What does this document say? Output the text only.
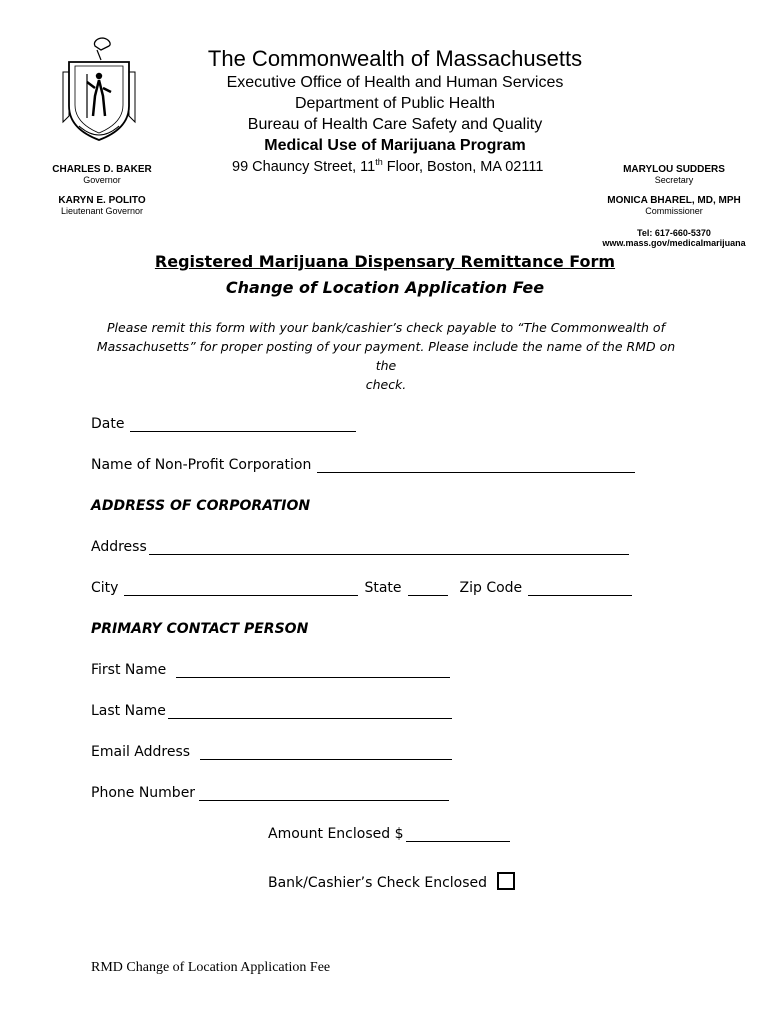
The Commonwealth of Massachusetts
Executive Office of Health and Human Services
Department of Public Health
Bureau of Health Care Safety and Quality
Medical Use of Marijuana Program
99 Chauncy Street, 11th Floor, Boston, MA 02111
CHARLES D. BAKER
Governor
KARYN E. POLITO
Lieutenant Governor
MARYLOU SUDDERS
Secretary
MONICA BHAREL, MD, MPH
Commissioner
Tel: 617-660-5370
www.mass.gov/medicalmarijuana
Registered Marijuana Dispensary Remittance Form
Change of Location Application Fee
Please remit this form with your bank/cashier’s check payable to “The Commonwealth of
Massachusetts” for proper posting of your payment. Please include the name of the RMD on the
check.
Date
Name of Non-Profit Corporation
ADDRESS OF CORPORATION
Address
City	State	Zip Code
PRIMARY CONTACT PERSON
First Name
Last Name
Email Address
Phone Number
Amount Enclosed $
Bank/Cashier’s Check Enclosed
RMD Change of Location Application Fee
